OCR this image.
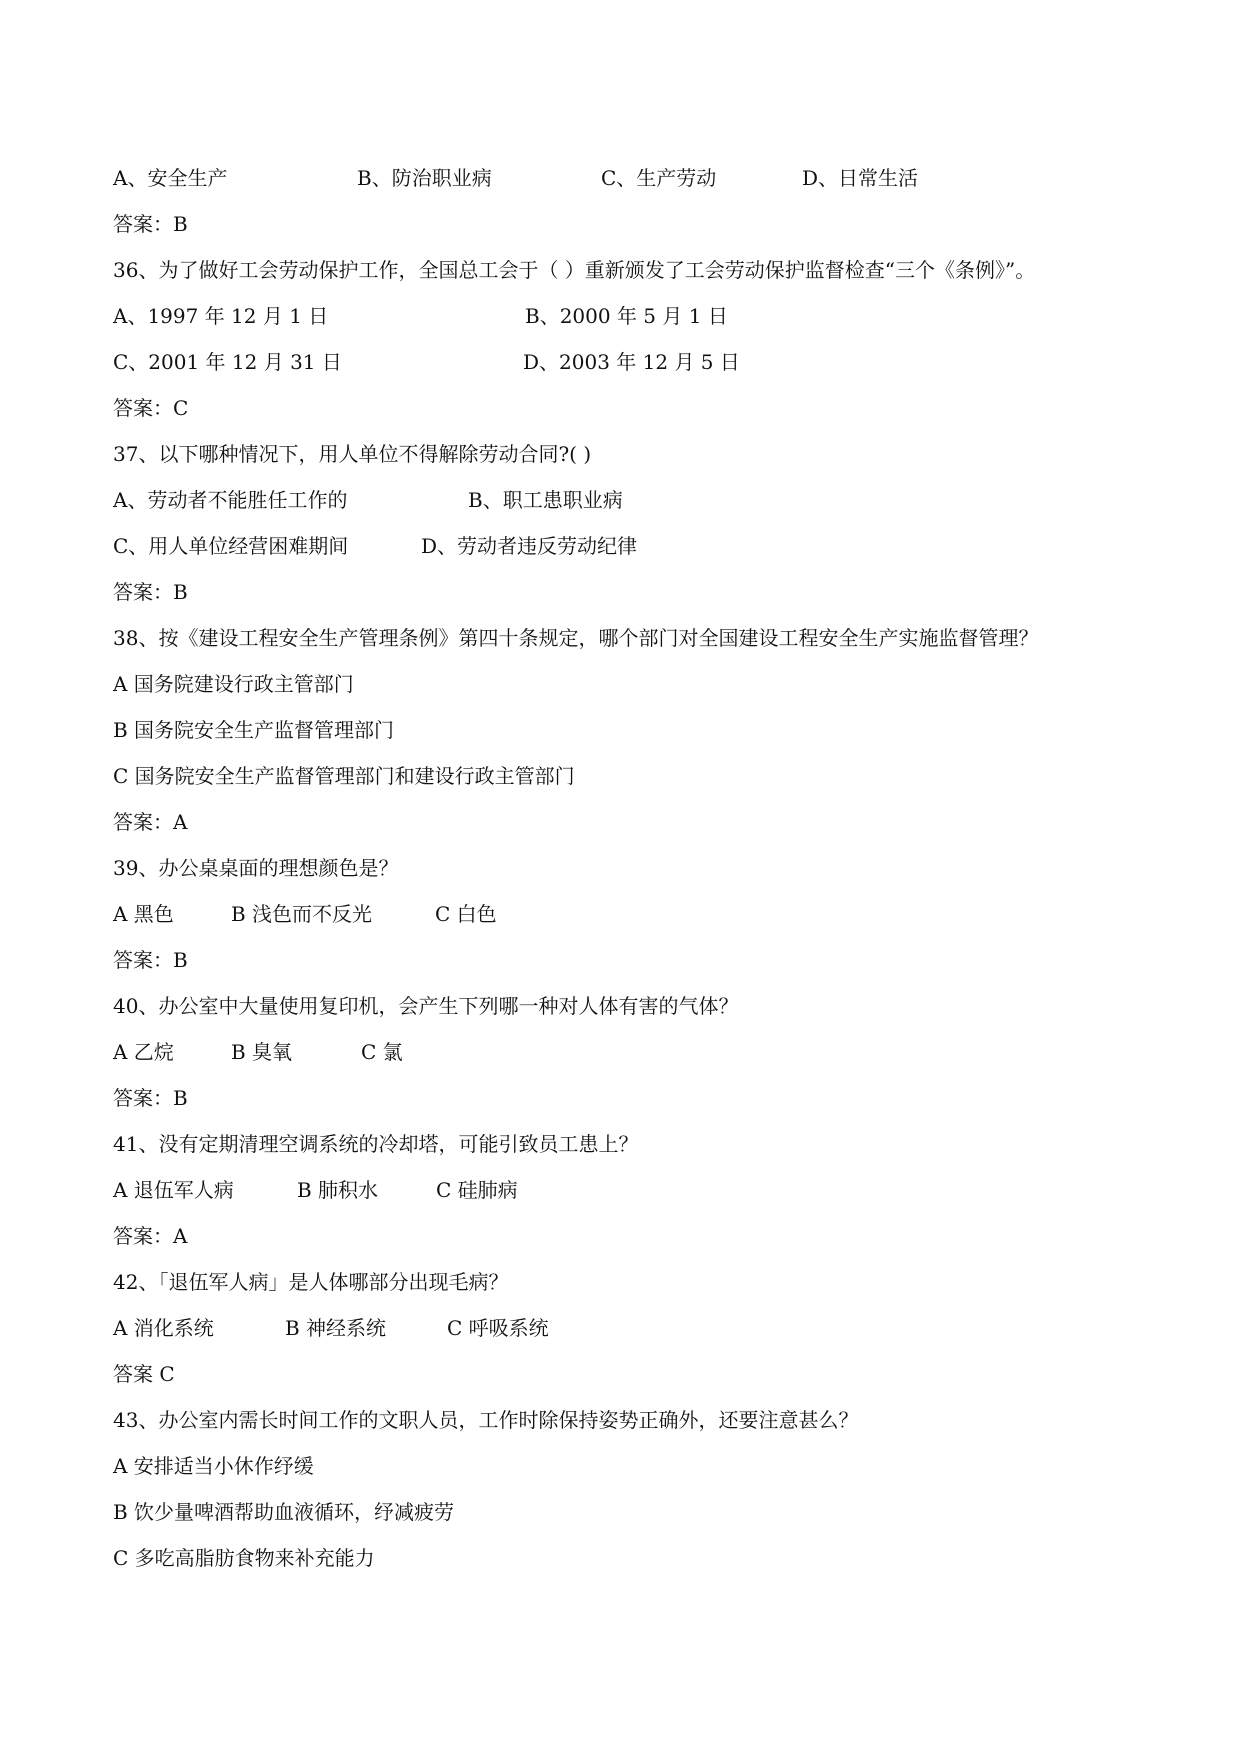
A、安全生产	B、防治职业病	C、生产劳动	D、日常生活
答案：B
36、为了做好工会劳动保护工作，全国总工会于（ ）重新颁发了工会劳动保护监督检查“三个《条例》”。
A、1997 年 12 月 1 日	B、2000 年 5 月 1 日
C、2001 年 12 月 31 日	D、2003 年 12 月 5 日
答案：C
37、以下哪种情况下，用人单位不得解除劳动合同?( )
A、劳动者不能胜任工作的	B、职工患职业病
C、用人单位经营困难期间	D、劳动者违反劳动纪律
答案：B
38、按《建设工程安全生产管理条例》第四十条规定，哪个部门对全国建设工程安全生产实施监督管理？
A 国务院建设行政主管部门
B 国务院安全生产监督管理部门
C 国务院安全生产监督管理部门和建设行政主管部门
答案：A
39、办公桌桌面的理想颜色是？
A 黑色	B 浅色而不反光	C 白色
答案：B
40、办公室中大量使用复印机，会产生下列哪一种对人体有害的气体？
A 乙烷	B 臭氧	C 氯
答案：B
41、没有定期清理空调系统的冷却塔，可能引致员工患上？
A 退伍军人病	B 肺积水	C 硅肺病
答案：A
42、「退伍军人病」是人体哪部分出现毛病？
A 消化系统	B 神经系统	C 呼吸系统
答案 C
43、办公室内需长时间工作的文职人员，工作时除保持姿势正确外，还要注意甚么？
A 安排适当小休作纾缓
B 饮少量啤酒帮助血液循环，纾减疲劳
C 多吃高脂肪食物来补充能力
